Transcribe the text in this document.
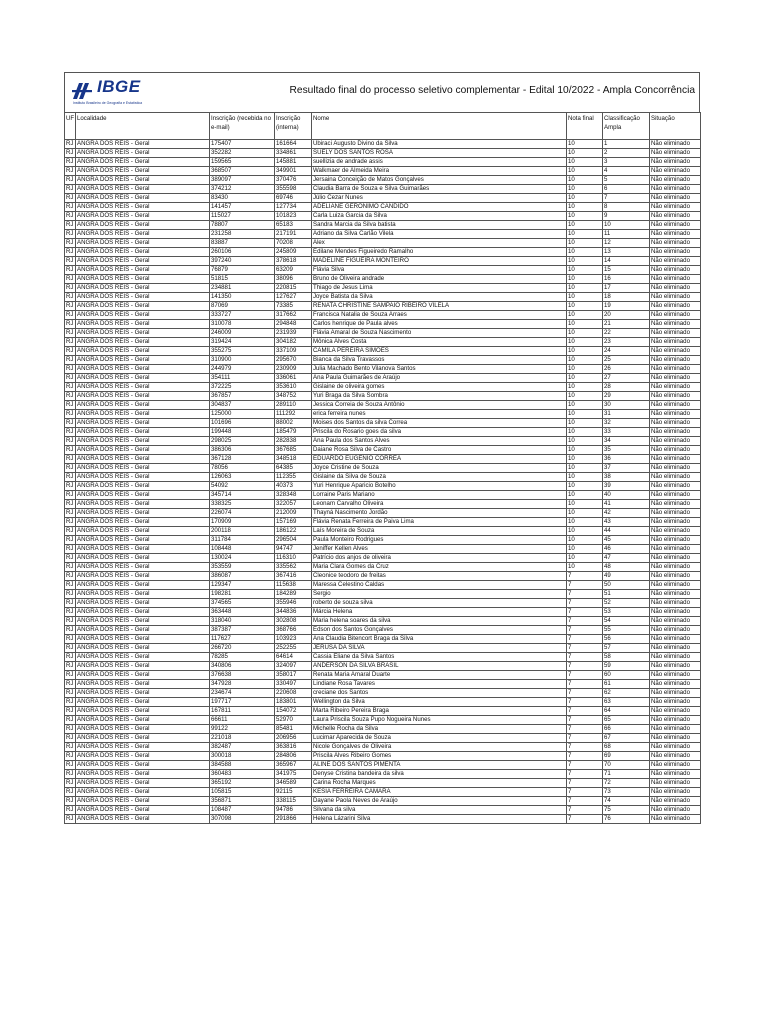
IBGE
Instituto Brasileiro de Geografia e Estatística
Resultado final do processo seletivo complementar - Edital 10/2022 - Ampla Concorrência
UF	Localidade	Inscrição (recebida no e-mail)	Inscrição (interna)	Nome	Nota final	Classificação Ampla	Situação
RJ	ANGRA DOS REIS - Geral	175407	161664	Ubiraci Augusto Divino da Silva	10	1	Não eliminado
RJ	ANGRA DOS REIS - Geral	352282	334861	SUELY DOS SANTOS ROSA	10	2	Não eliminado
RJ	ANGRA DOS REIS - Geral	159565	145881	suellizia de andrade assis	10	3	Não eliminado
RJ	ANGRA DOS REIS - Geral	368507	349901	Walkmaer de Almeida Meira	10	4	Não eliminado
RJ	ANGRA DOS REIS - Geral	389097	370476	Jersaina Conceição de Matos Gonçalves	10	5	Não eliminado
RJ	ANGRA DOS REIS - Geral	374212	355598	Claudia Barra de Souza e Silva Guimarães	10	6	Não eliminado
RJ	ANGRA DOS REIS - Geral	83430	69746	Júlio Cezar Nunes	10	7	Não eliminado
RJ	ANGRA DOS REIS - Geral	141457	127734	ADELIANE GERONIMO CANDIDO	10	8	Não eliminado
RJ	ANGRA DOS REIS - Geral	115027	101823	Carla Luiza Garcia da Silva	10	9	Não eliminado
RJ	ANGRA DOS REIS - Geral	78807	65183	Sandra Marcia da Silva batista	10	10	Não eliminado
RJ	ANGRA DOS REIS - Geral	231258	217191	Adriano da Silva Carlão Vilela	10	11	Não eliminado
RJ	ANGRA DOS REIS - Geral	83887	70208	Alex	10	12	Não eliminado
RJ	ANGRA DOS REIS - Geral	260106	245809	Edilane Mendes Figueiredo Ramalho	10	13	Não eliminado
RJ	ANGRA DOS REIS - Geral	397240	378618	MADELINE FIGUEIRA MONTEIRO	10	14	Não eliminado
RJ	ANGRA DOS REIS - Geral	76879	63209	Flávia Silva	10	15	Não eliminado
RJ	ANGRA DOS REIS - Geral	51815	38096	Bruno de Oliveira andrade	10	16	Não eliminado
RJ	ANGRA DOS REIS - Geral	234881	220815	Thiago de Jesus Lima	10	17	Não eliminado
RJ	ANGRA DOS REIS - Geral	141350	127627	Joyce Batista da Silva	10	18	Não eliminado
RJ	ANGRA DOS REIS - Geral	87069	73385	RENATA CHRISTINE SAMPAIO RIBEIRO VILELA	10	19	Não eliminado
RJ	ANGRA DOS REIS - Geral	333727	317662	Francisca Natalia de Souza Arraes	10	20	Não eliminado
RJ	ANGRA DOS REIS - Geral	310078	294848	Carlos henrique de Paula alves	10	21	Não eliminado
RJ	ANGRA DOS REIS - Geral	246009	231939	Flávia Amaral de Souza Nascimento	10	22	Não eliminado
RJ	ANGRA DOS REIS - Geral	319424	304182	Mônica Alves Costa	10	23	Não eliminado
RJ	ANGRA DOS REIS - Geral	355275	337109	CAMILA PEREIRA SIMÕES	10	24	Não eliminado
RJ	ANGRA DOS REIS - Geral	310900	295670	Bianca da Silva Travassos	10	25	Não eliminado
RJ	ANGRA DOS REIS - Geral	244979	230909	Julia Machado Bento Vilanova Santos	10	26	Não eliminado
RJ	ANGRA DOS REIS - Geral	354111	336061	Ana Paula Guimarães de Araújo	10	27	Não eliminado
RJ	ANGRA DOS REIS - Geral	372225	353610	Gislaine de oliveira gomes	10	28	Não eliminado
RJ	ANGRA DOS REIS - Geral	367857	348752	Yuri Braga da Silva Sombra	10	29	Não eliminado
RJ	ANGRA DOS REIS - Geral	304837	289110	Jessica Correia de Souza Antônio	10	30	Não eliminado
RJ	ANGRA DOS REIS - Geral	125000	111292	erica ferreira nunes	10	31	Não eliminado
RJ	ANGRA DOS REIS - Geral	101696	88002	Moises dos Santos da silva Correa	10	32	Não eliminado
RJ	ANGRA DOS REIS - Geral	199448	185479	Priscila do Rosario goes da silva	10	33	Não eliminado
RJ	ANGRA DOS REIS - Geral	298025	282838	Ana Paula dos Santos Alves	10	34	Não eliminado
RJ	ANGRA DOS REIS - Geral	386306	367685	Daiane Rosa Silva de Castro	10	35	Não eliminado
RJ	ANGRA DOS REIS - Geral	367128	348518	EDUARDO EUGENIO CORREA	10	36	Não eliminado
RJ	ANGRA DOS REIS - Geral	78056	64385	Joyce Cristine de Souza	10	37	Não eliminado
RJ	ANGRA DOS REIS - Geral	126063	112355	Gislaine da Silva de Souza	10	38	Não eliminado
RJ	ANGRA DOS REIS - Geral	54092	40373	Yuri Henrique Aparicio Botelho	10	39	Não eliminado
RJ	ANGRA DOS REIS - Geral	345714	328348	Lorraine Paris Mariano	10	40	Não eliminado
RJ	ANGRA DOS REIS - Geral	338325	322057	Leonam Carvalho Oliveira	10	41	Não eliminado
RJ	ANGRA DOS REIS - Geral	226074	212009	Thayná Nascimento Jordão	10	42	Não eliminado
RJ	ANGRA DOS REIS - Geral	170909	157169	Flávia Renata Ferreira de Paiva Lima	10	43	Não eliminado
RJ	ANGRA DOS REIS - Geral	200118	186122	Laís Moreira de Souza	10	44	Não eliminado
RJ	ANGRA DOS REIS - Geral	311784	296504	Paula Monteiro Rodrigues	10	45	Não eliminado
RJ	ANGRA DOS REIS - Geral	108448	94747	Jeniffer Kellen Alves	10	46	Não eliminado
RJ	ANGRA DOS REIS - Geral	130024	116310	Patrício dos anjos de oliveira	10	47	Não eliminado
RJ	ANGRA DOS REIS - Geral	353559	335562	Maria Clara Gomes da Cruz	10	48	Não eliminado
RJ	ANGRA DOS REIS - Geral	386087	367416	Cleonice teodoro de freitas	7	49	Não eliminado
RJ	ANGRA DOS REIS - Geral	129347	115638	Maressa Celestino Caldas	7	50	Não eliminado
RJ	ANGRA DOS REIS - Geral	198281	184289	Sergio	7	51	Não eliminado
RJ	ANGRA DOS REIS - Geral	374565	355946	roberto de souza silva	7	52	Não eliminado
RJ	ANGRA DOS REIS - Geral	363448	344836	Márcia Helena	7	53	Não eliminado
RJ	ANGRA DOS REIS - Geral	318040	302808	Maria helena soares da silva	7	54	Não eliminado
RJ	ANGRA DOS REIS - Geral	387387	368766	Edson dos Santos Gonçalves	7	55	Não eliminado
RJ	ANGRA DOS REIS - Geral	117627	103923	Ana Claudia Bitencort Braga da Silva	7	56	Não eliminado
RJ	ANGRA DOS REIS - Geral	266720	252255	JERUSA DA SILVA	7	57	Não eliminado
RJ	ANGRA DOS REIS - Geral	78285	64614	Cassia Eliane da Silva Santos	7	58	Não eliminado
RJ	ANGRA DOS REIS - Geral	340806	324097	ANDERSON DA SILVA BRASIL	7	59	Não eliminado
RJ	ANGRA DOS REIS - Geral	376638	358017	Renata Maria Amaral Duarte	7	60	Não eliminado
RJ	ANGRA DOS REIS - Geral	347928	330497	Lindiane Rosa Tavares	7	61	Não eliminado
RJ	ANGRA DOS REIS - Geral	234674	220608	creciane dos Santos	7	62	Não eliminado
RJ	ANGRA DOS REIS - Geral	197717	183801	Wellington da Silva	7	63	Não eliminado
RJ	ANGRA DOS REIS - Geral	167811	154072	Marta Ribeiro Pereira Braga	7	64	Não eliminado
RJ	ANGRA DOS REIS - Geral	66611	52970	Laura Priscila Souza Pupo Nogueira Nunes	7	65	Não eliminado
RJ	ANGRA DOS REIS - Geral	99122	85481	Michelle Rocha da Silva	7	66	Não eliminado
RJ	ANGRA DOS REIS - Geral	221018	206956	Lucimar Aparecida de Souza	7	67	Não eliminado
RJ	ANGRA DOS REIS - Geral	382487	363816	Nicole Gonçalves de Oliveira	7	68	Não eliminado
RJ	ANGRA DOS REIS - Geral	300018	284806	Priscila Alves Ribeiro Gomes	7	69	Não eliminado
RJ	ANGRA DOS REIS - Geral	384588	365967	ALINE DOS SANTOS PIMENTA	7	70	Não eliminado
RJ	ANGRA DOS REIS - Geral	360483	341975	Denyse Cristina bandeira da silva	7	71	Não eliminado
RJ	ANGRA DOS REIS - Geral	365192	346589	Carina Rocha Marques	7	72	Não eliminado
RJ	ANGRA DOS REIS - Geral	105815	92115	KESIA FERREIRA CAMARA	7	73	Não eliminado
RJ	ANGRA DOS REIS - Geral	356871	338115	Dayane Paola Neves de Araújo	7	74	Não eliminado
RJ	ANGRA DOS REIS - Geral	108487	94786	Silvana da silva	7	75	Não eliminado
RJ	ANGRA DOS REIS - Geral	307098	291866	Helena Lázarini Silva	7	76	Não eliminado
